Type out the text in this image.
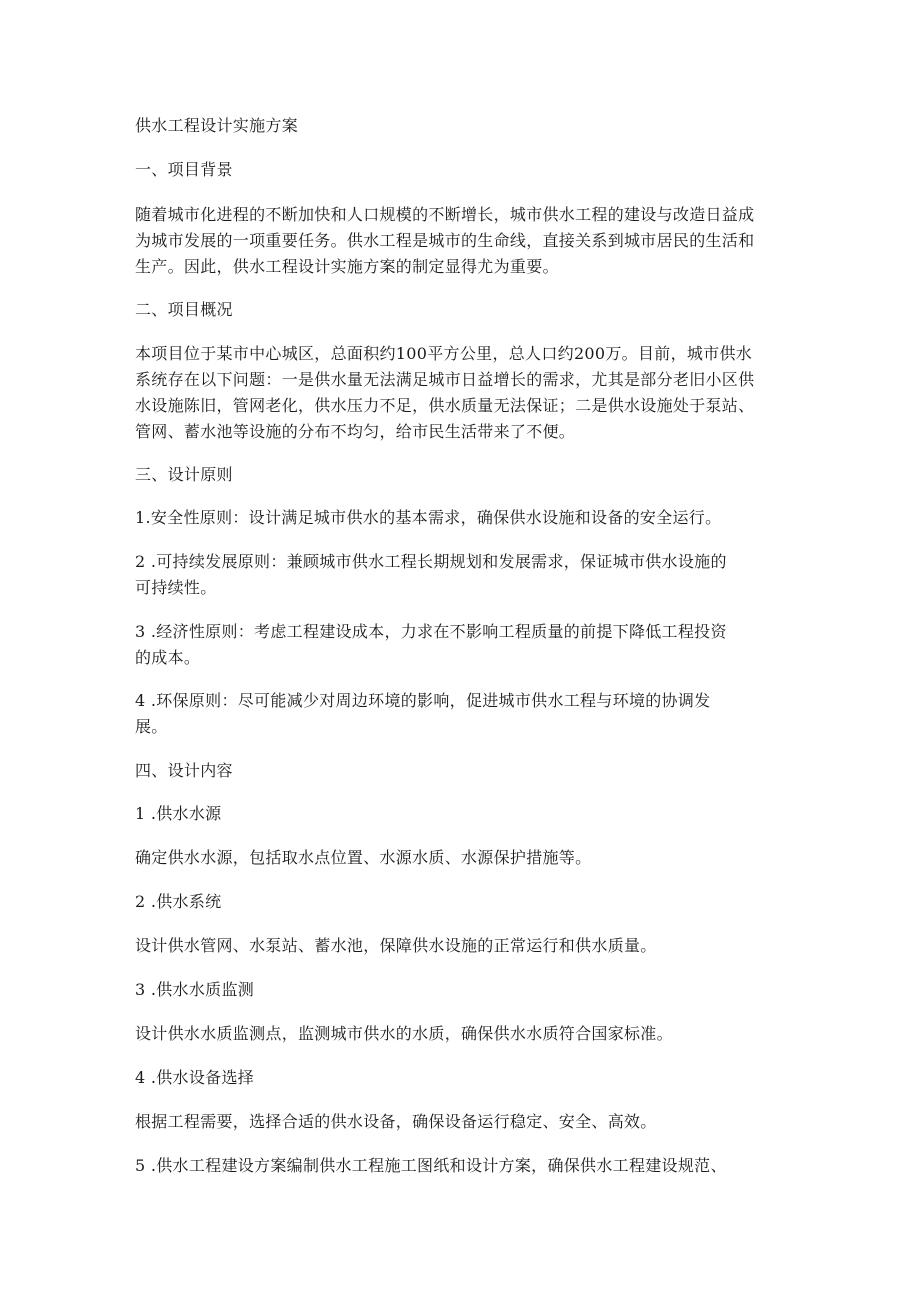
供水工程设计实施方案
一、项目背景
随着城市化进程的不断加快和人口规模的不断增长，城市供水工程的建设与改造日益成
为城市发展的一项重要任务。供水工程是城市的生命线，直接关系到城市居民的生活和
生产。因此，供水工程设计实施方案的制定显得尤为重要。
二、项目概况
本项目位于某市中心城区，总面积约100平方公里，总人口约200万。目前，城市供水
系统存在以下问题：一是供水量无法满足城市日益增长的需求，尤其是部分老旧小区供
水设施陈旧，管网老化，供水压力不足，供水质量无法保证；二是供水设施处于泵站、
管网、蓄水池等设施的分布不均匀，给市民生活带来了不便。
三、设计原则
1.安全性原则：设计满足城市供水的基本需求，确保供水设施和设备的安全运行。
2 .可持续发展原则：兼顾城市供水工程长期规划和发展需求，保证城市供水设施的
可持续性。
3 .经济性原则：考虑工程建设成本，力求在不影响工程质量的前提下降低工程投资
的成本。
4 .环保原则：尽可能减少对周边环境的影响，促进城市供水工程与环境的协调发
展。
四、设计内容
1 .供水水源
确定供水水源，包括取水点位置、水源水质、水源保护措施等。
2 .供水系统
设计供水管网、水泵站、蓄水池，保障供水设施的正常运行和供水质量。
3 .供水水质监测
设计供水水质监测点，监测城市供水的水质，确保供水水质符合国家标准。
4 .供水设备选择
根据工程需要，选择合适的供水设备，确保设备运行稳定、安全、高效。
5 .供水工程建设方案编制供水工程施工图纸和设计方案，确保供水工程建设规范、
